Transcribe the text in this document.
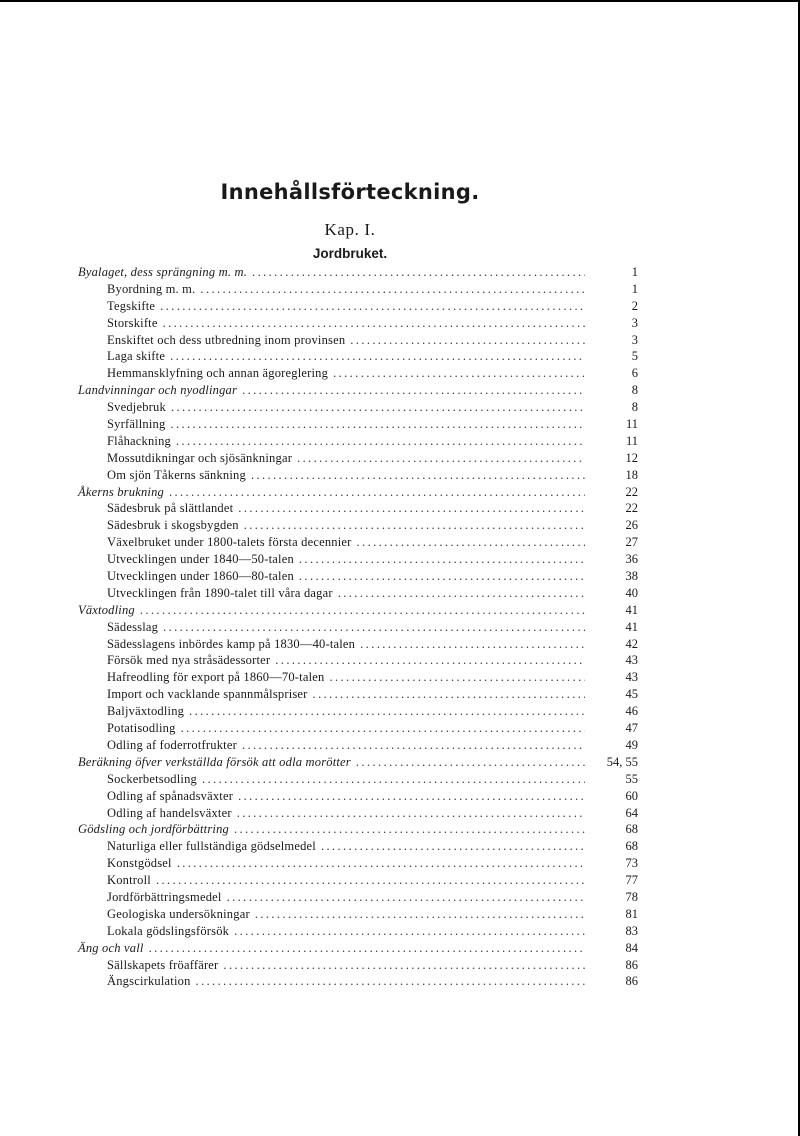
Innehållsförteckning.
Kap. I.
Jordbruket.
Byalaget, dess sprängning m. m. .....	1
Byordning m. m. .....	1
Tegskifte .....	2
Storskifte .....	3
Enskiftet och dess utbredning inom provinsen .....	3
Laga skifte .....	5
Hemmansklyfning och annan ägoreglering .....	6
Landvinningar och nyodlingar .....	8
Svedjebruk .....	8
Syrfällning .....	11
Flåhackning .....	11
Mossutdikningar och sjösänkningar .....	12
Om sjön Tåkerns sänkning .....	18
Åkerns brukning .....	22
Sädesbruk på slättlandet .....	22
Sädesbruk i skogsbygden .....	26
Växelbruket under 1800-talets första decennier .....	27
Utvecklingen under 1840—50-talen .....	36
Utvecklingen under 1860—80-talen .....	38
Utvecklingen från 1890-talet till våra dagar .....	40
Växtodling .....	41
Sädesslag .....	41
Sädesslagens inbördes kamp på 1830—40-talen .....	42
Försök med nya stråsädessorter .....	43
Hafreodling för export på 1860—70-talen .....	43
Import och vacklande spannmålspriser .....	45
Baljväxtodling .....	46
Potatisodling .....	47
Odling af foderrotfrukter .....	49
Beräkning öfver verkställda försök att odla morötter .....	54, 55
Sockerbetsodling .....	55
Odling af spånadsväxter .....	60
Odling af handelsväxter .....	64
Gödsling och jordförbättring .....	68
Naturliga eller fullständiga gödselmedel .....	68
Konstgödsel .....	73
Kontroll .....	77
Jordförbättringsmedel .....	78
Geologiska undersökningar .....	81
Lokala gödslingsförsök .....	83
Äng och vall .....	84
Sällskapets fröaffärer .....	86
Ängscirkulation .....	86
